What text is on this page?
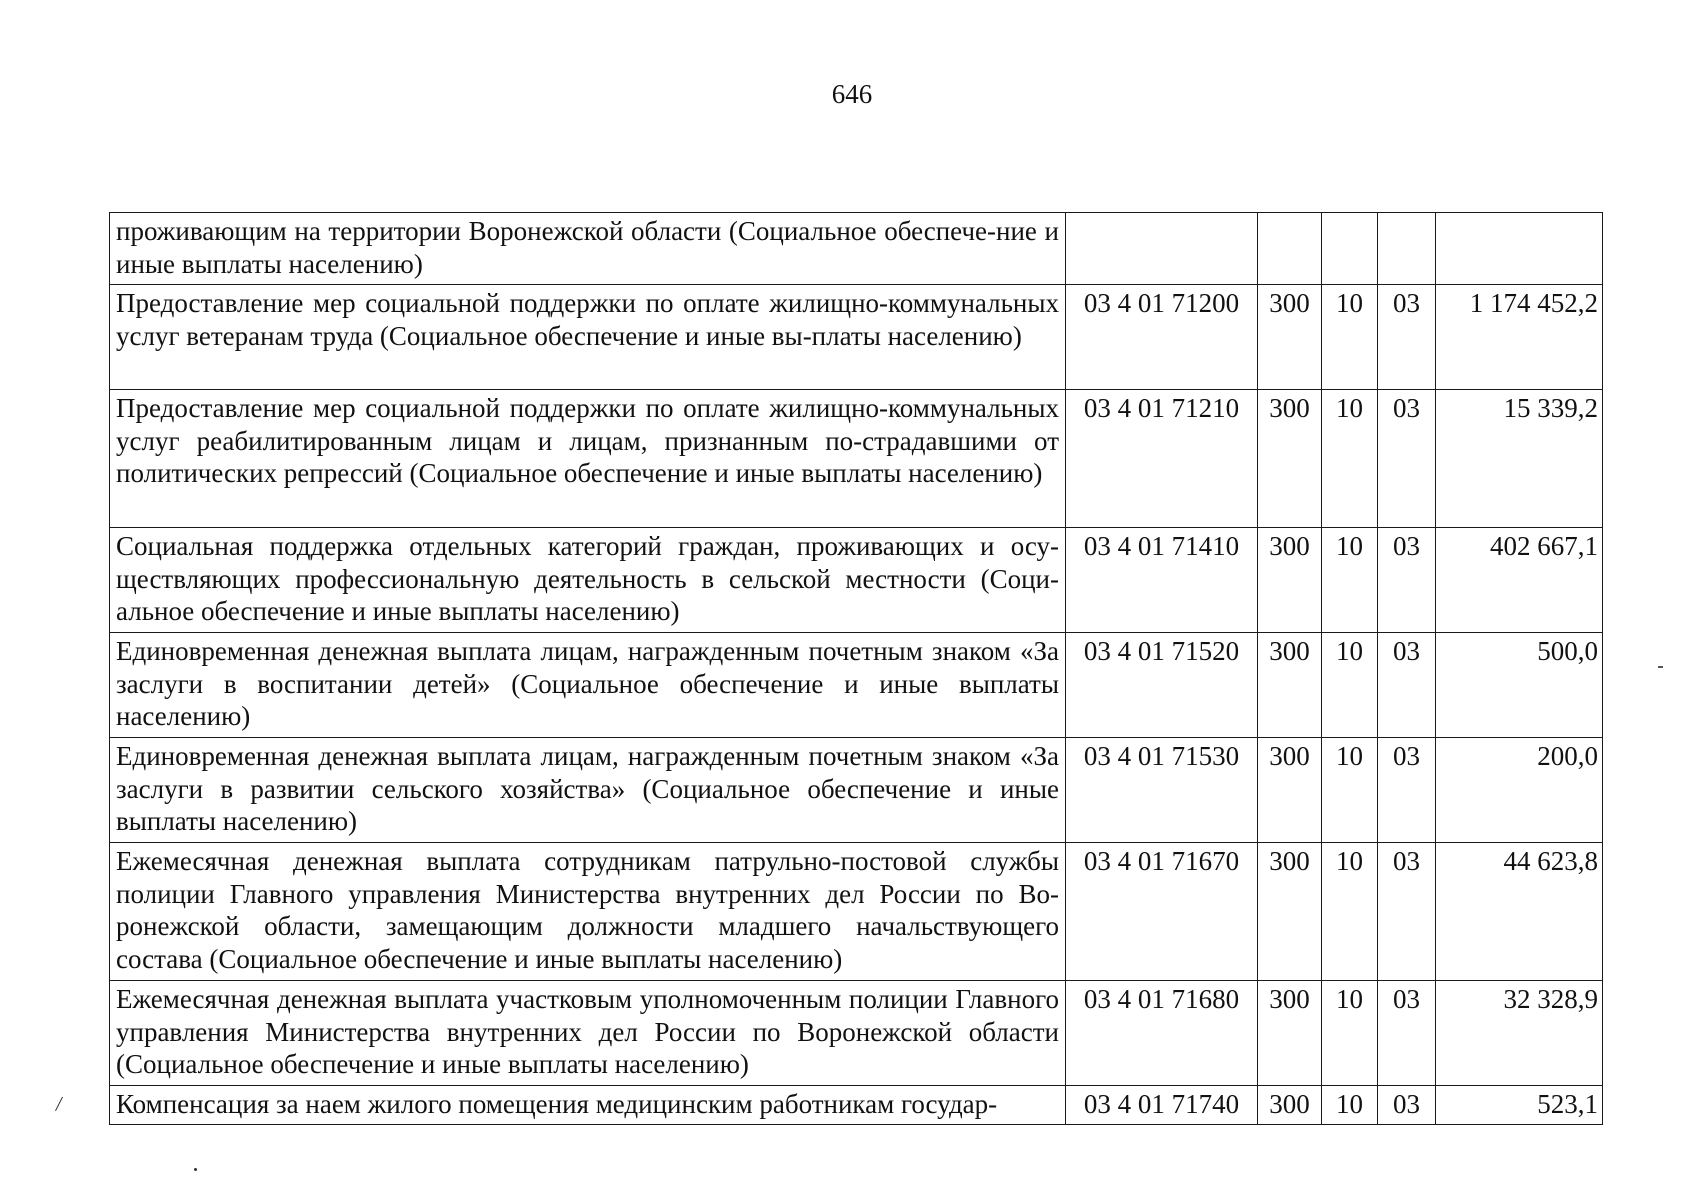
646
проживающим на территории Воронежской области (Социальное обеспече-ние и иные выплаты населению)					
Предоставление мер социальной поддержки по оплате жилищно-коммунальных услуг ветеранам труда (Социальное обеспечение и иные вы-платы населению)	03 4 01 71200	300	10	03	1 174 452,2
Предоставление мер социальной поддержки по оплате жилищно-коммунальных услуг реабилитированным лицам и лицам, признанным по-страдавшими от политических репрессий (Социальное обеспечение и иные выплаты населению)	03 4 01 71210	300	10	03	15 339,2
Социальная поддержка отдельных категорий граждан, проживающих и осу-ществляющих профессиональную деятельность в сельской местности (Соци-альное обеспечение и иные выплаты населению)	03 4 01 71410	300	10	03	402 667,1
Единовременная денежная выплата лицам, награжденным почетным знаком «За заслуги в воспитании детей» (Социальное обеспечение и иные выплаты населению)	03 4 01 71520	300	10	03	500,0
Единовременная денежная выплата лицам, награжденным почетным знаком «За заслуги в развитии сельского хозяйства» (Социальное обеспечение и иные выплаты населению)	03 4 01 71530	300	10	03	200,0
Ежемесячная денежная выплата сотрудникам патрульно-постовой службы полиции Главного управления Министерства внутренних дел России по Во-ронежской области, замещающим должности младшего начальствующего состава (Социальное обеспечение и иные выплаты населению)	03 4 01 71670	300	10	03	44 623,8
Ежемесячная денежная выплата участковым уполномоченным полиции Главного управления Министерства внутренних дел России по Воронежской области (Социальное обеспечение и иные выплаты населению)	03 4 01 71680	300	10	03	32 328,9
Компенсация за наем жилого помещения медицинским работникам государ-	03 4 01 71740	300	10	03	523,1
/
